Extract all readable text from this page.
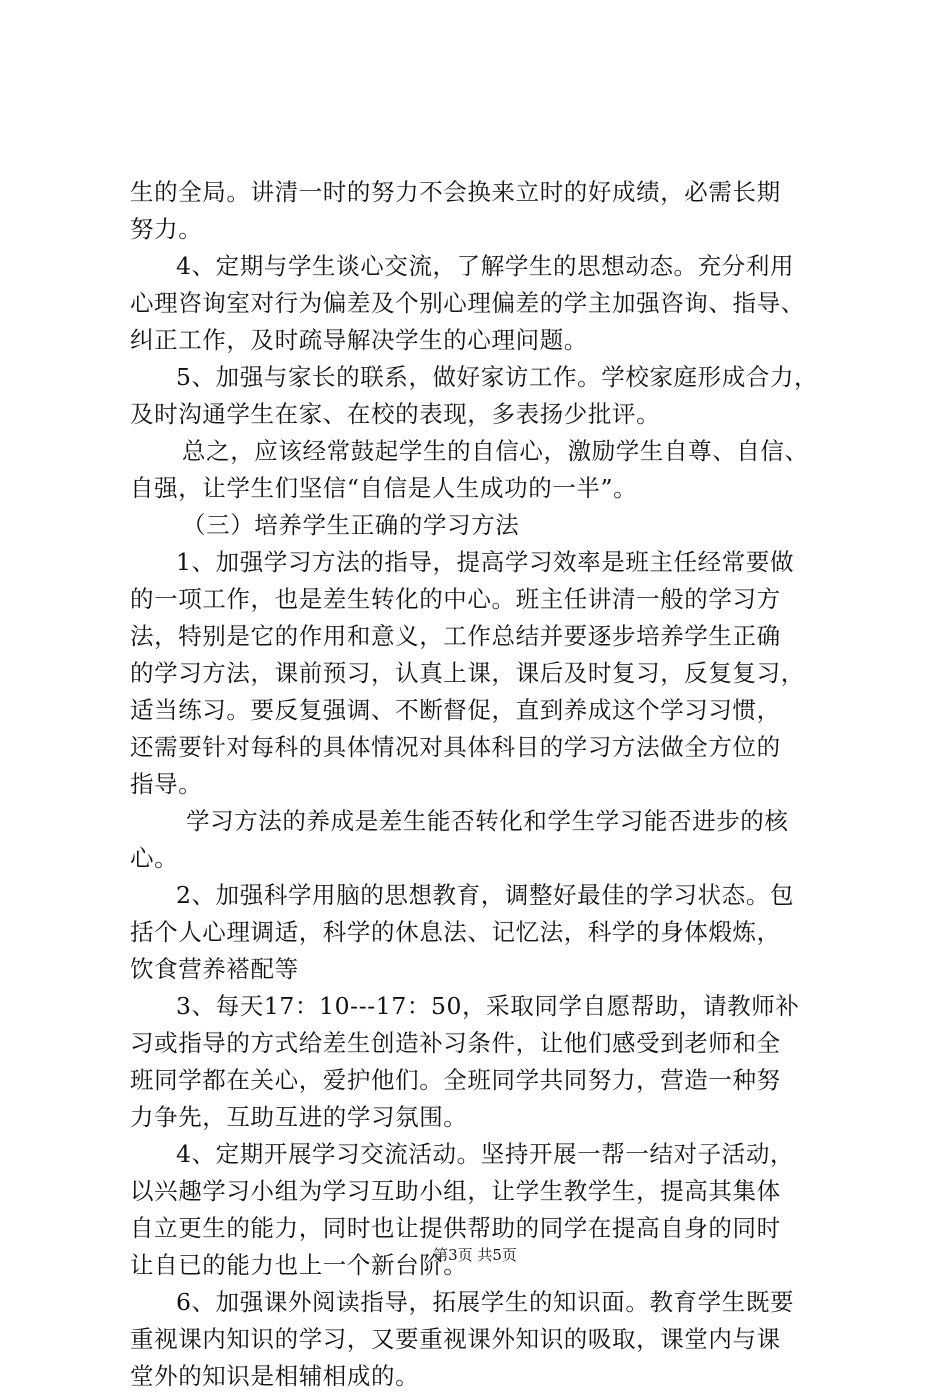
生的全局。讲清一时的努力不会换来立时的好成绩，必需长期
努力。
4、定期与学生谈心交流，了解学生的思想动态。充分利用
心理咨询室对行为偏差及个别心理偏差的学主加强咨询、指导、
纠正工作，及时疏导解决学生的心理问题。
5、加强与家长的联系，做好家访工作。学校家庭形成合力，
及时沟通学生在家、在校的表现，多表扬少批评。
总之，应该经常鼓起学生的自信心，激励学生自尊、自信、
自强，让学生们坚信“自信是人生成功的一半”。
（三）培养学生正确的学习方法
1、加强学习方法的指导，提高学习效率是班主任经常要做
的一项工作，也是差生转化的中心。班主任讲清一般的学习方
法，特别是它的作用和意义，工作总结并要逐步培养学生正确
的学习方法，课前预习，认真上课，课后及时复习，反复复习，
适当练习。要反复强调、不断督促，直到养成这个学习习惯，
还需要针对每科的具体情况对具体科目的学习方法做全方位的
指导。
学习方法的养成是差生能否转化和学生学习能否进步的核
心。
2、加强科学用脑的思想教育，调整好最佳的学习状态。包
括个人心理调适，科学的休息法、记忆法，科学的身体煅炼，
饮食营养褡配等
3、每天17：10---17：50，采取同学自愿帮助，请教师补
习或指导的方式给差生创造补习条件，让他们感受到老师和全
班同学都在关心，爱护他们。全班同学共同努力，营造一种努
力争先，互助互进的学习氛围。
4、定期开展学习交流活动。坚持开展一帮一结对子活动，
以兴趣学习小组为学习互助小组，让学生教学生，提高其集体
自立更生的能力，同时也让提供帮助的同学在提高自身的同时
让自已的能力也上一个新台阶。
6、加强课外阅读指导，拓展学生的知识面。教育学生既要
重视课内知识的学习，又要重视课外知识的吸取，课堂内与课
堂外的知识是相辅相成的。
第3页 共5页
